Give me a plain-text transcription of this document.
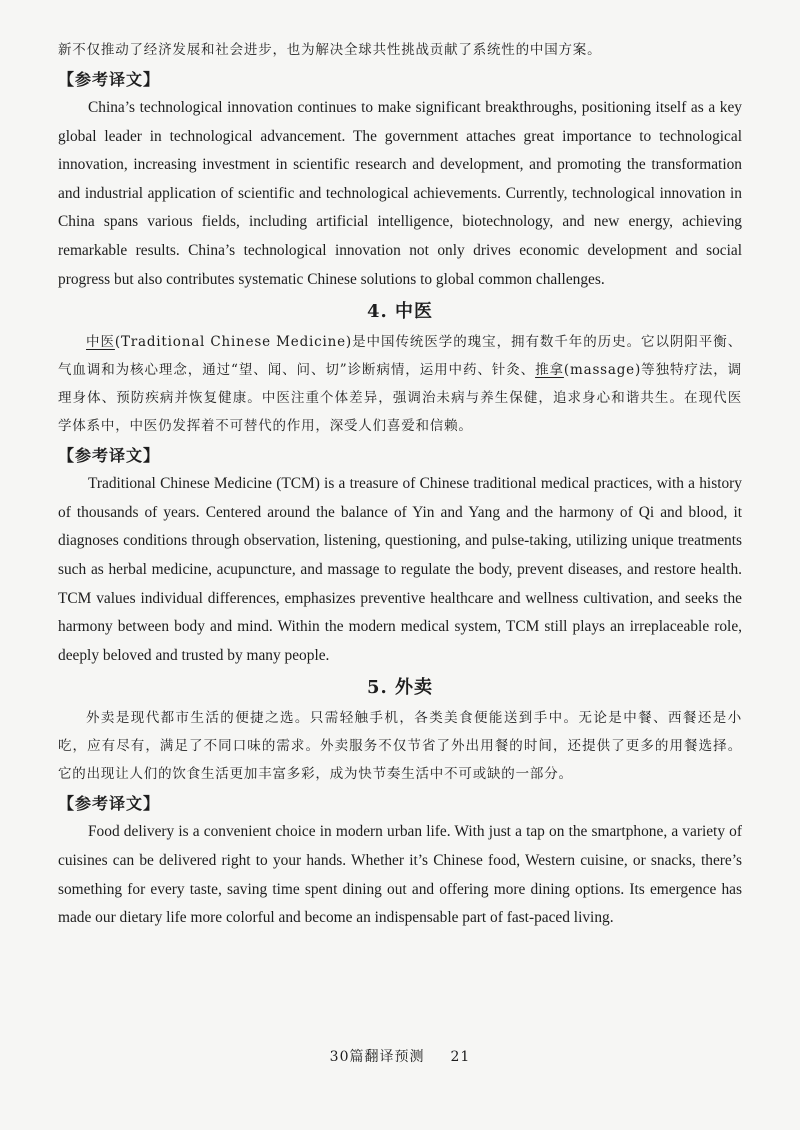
新不仅推动了经济发展和社会进步，也为解决全球共性挑战贡献了系统性的中国方案。

【参考译文】

China’s technological innovation continues to make significant breakthroughs, positioning itself as a key global leader in technological advancement. The government attaches great importance to technological innovation, increasing investment in scientific research and development, and promoting the transformation and industrial application of scientific and technological achievements. Currently, technological innovation in China spans various fields, including artificial intelligence, biotechnology, and new energy, achieving remarkable results. China’s technological innovation not only drives economic development and social progress but also contributes systematic Chinese solutions to global common challenges.

4. 中医

中医(Traditional Chinese Medicine)是中国传统医学的瑰宝，拥有数千年的历史。它以阴阳平衡、气血调和为核心理念，通过“望、闻、问、切”诊断病情，运用中药、针灸、推拿(massage)等独特疗法，调理身体、预防疾病并恢复健康。中医注重个体差异，强调治未病与养生保健，追求身心和谐共生。在现代医学体系中，中医仍发挥着不可替代的作用，深受人们喜爱和信赖。

【参考译文】

Traditional Chinese Medicine (TCM) is a treasure of Chinese traditional medical practices, with a history of thousands of years. Centered around the balance of Yin and Yang and the harmony of Qi and blood, it diagnoses conditions through observation, listening, questioning, and pulse-taking, utilizing unique treatments such as herbal medicine, acupuncture, and massage to regulate the body, prevent diseases, and restore health. TCM values individual differences, emphasizes preventive healthcare and wellness cultivation, and seeks the harmony between body and mind. Within the modern medical system, TCM still plays an irreplaceable role, deeply beloved and trusted by many people.

5. 外卖

外卖是现代都市生活的便捷之选。只需轻触手机，各类美食便能送到手中。无论是中餐、西餐还是小吃，应有尽有，满足了不同口味的需求。外卖服务不仅节省了外出用餐的时间，还提供了更多的用餐选择。它的出现让人们的饮食生活更加丰富多彩，成为快节奏生活中不可或缺的一部分。

【参考译文】

Food delivery is a convenient choice in modern urban life. With just a tap on the smartphone, a variety of cuisines can be delivered right to your hands. Whether it’s Chinese food, Western cuisine, or snacks, there’s something for every taste, saving time spent dining out and offering more dining options. Its emergence has made our dietary life more colorful and become an indispensable part of fast-paced living.

30篇翻译预测 21
